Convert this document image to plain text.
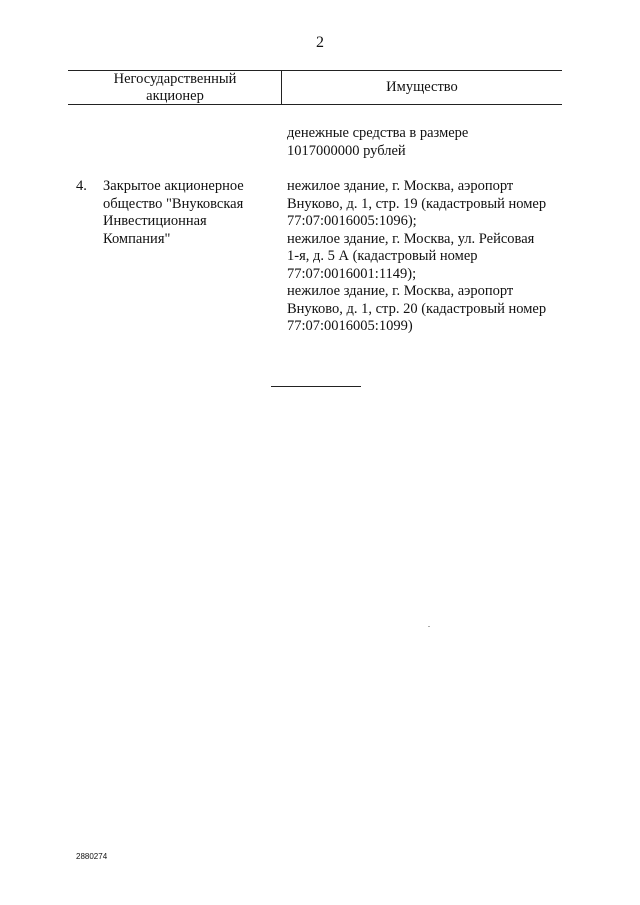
2
Негосударственный
акционер
Имущество
денежные средства в размере
1017000000 рублей
4. Закрытое акционерное
общество "Внуковская
Инвестиционная
Компания"
нежилое здание, г. Москва, аэропорт
Внуково, д. 1, стр. 19 (кадастровый номер
77:07:0016005:1096);
нежилое здание, г. Москва, ул. Рейсовая
1-я, д. 5 А (кадастровый номер
77:07:0016001:1149);
нежилое здание, г. Москва, аэропорт
Внуково, д. 1, стр. 20 (кадастровый номер
77:07:0016005:1099)
2880274
